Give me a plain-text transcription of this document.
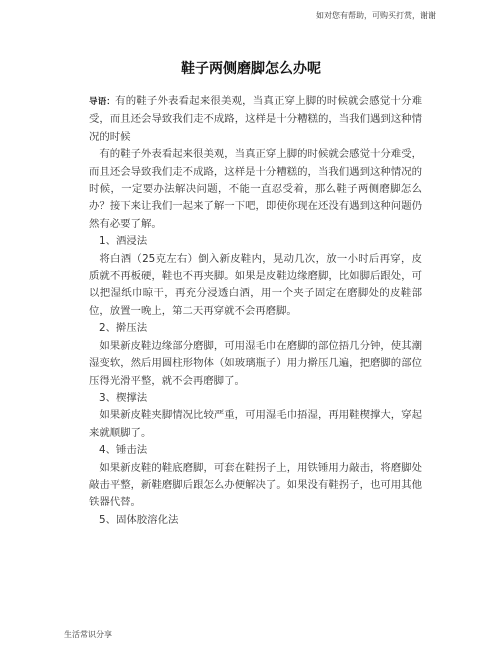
如对您有帮助，可购买打赏，谢谢
鞋子两侧磨脚怎么办呢

导语：有的鞋子外表看起来很美观，当真正穿上脚的时候就会感觉十分难受，而且还会导致我们走不成路，这样是十分糟糕的，当我们遇到这种情况的时候

有的鞋子外表看起来很美观，当真正穿上脚的时候就会感觉十分难受，而且还会导致我们走不成路，这样是十分糟糕的，当我们遇到这种情况的时候，一定要办法解决问题，不能一直忍受着，那么鞋子两侧磨脚怎么办？接下来让我们一起来了解一下吧，即使你现在还没有遇到这种问题仍然有必要了解。

1、酒浸法

将白酒（25克左右）倒入新皮鞋内，晃动几次，放一小时后再穿，皮质就不再板硬，鞋也不再夹脚。如果是皮鞋边缘磨脚，比如脚后跟处，可以把湿纸巾晾干，再充分浸透白酒，用一个夹子固定在磨脚处的皮鞋部位，放置一晚上，第二天再穿就不会再磨脚。

2、擀压法

如果新皮鞋边缘部分磨脚，可用湿毛巾在磨脚的部位捂几分钟，使其潮湿变软，然后用圆柱形物体（如玻璃瓶子）用力擀压几遍，把磨脚的部位压得光滑平整，就不会再磨脚了。

3、楔撑法

如果新皮鞋夹脚情况比较严重，可用湿毛巾捂湿，再用鞋楔撑大，穿起来就顺脚了。

4、锤击法

如果新皮鞋的鞋底磨脚，可套在鞋拐子上，用铁锤用力敲击，将磨脚处敲击平整，新鞋磨脚后跟怎么办便解决了。如果没有鞋拐子，也可用其他铁器代替。

5、固体胶溶化法

生活常识分享
